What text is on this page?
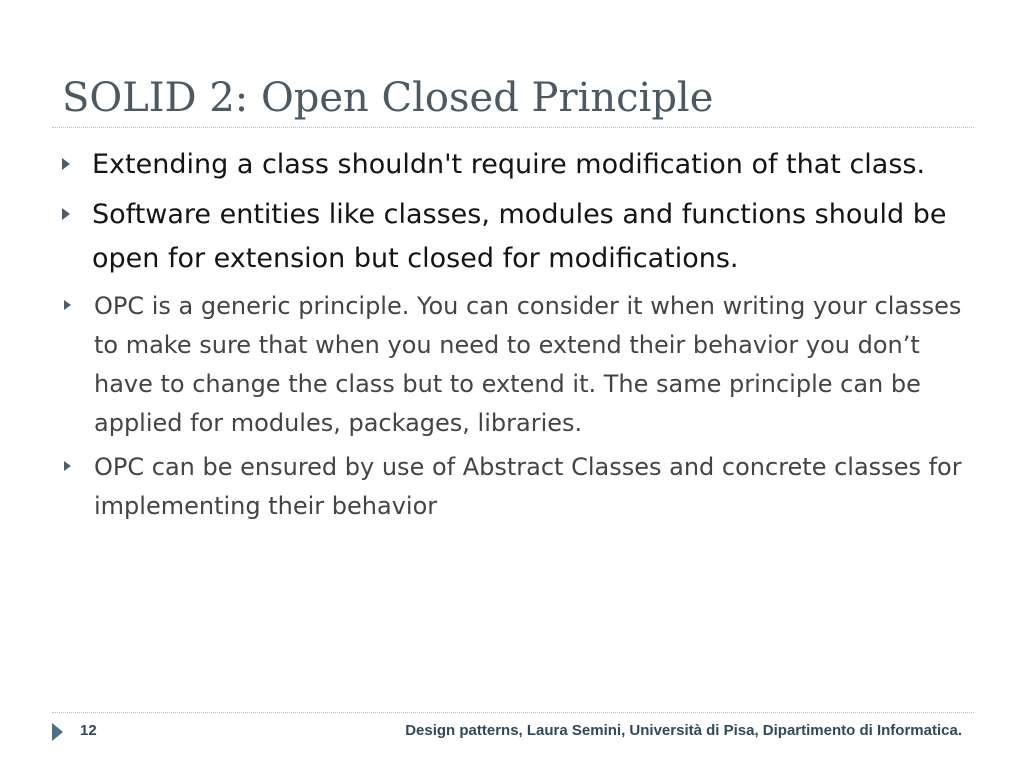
SOLID 2: Open Closed Principle
Extending a class shouldn't require modification of that class.
Software entities like classes, modules and functions should be open for extension but closed for modifications.
OPC is a generic principle. You can consider it when writing your classes to make sure that when you need to extend their behavior you don’t have to change the class but to extend it. The same principle can be applied for modules, packages, libraries.
OPC can be ensured by use of Abstract Classes and concrete classes for implementing their behavior
12	Design patterns, Laura Semini, Università di Pisa, Dipartimento di Informatica.
